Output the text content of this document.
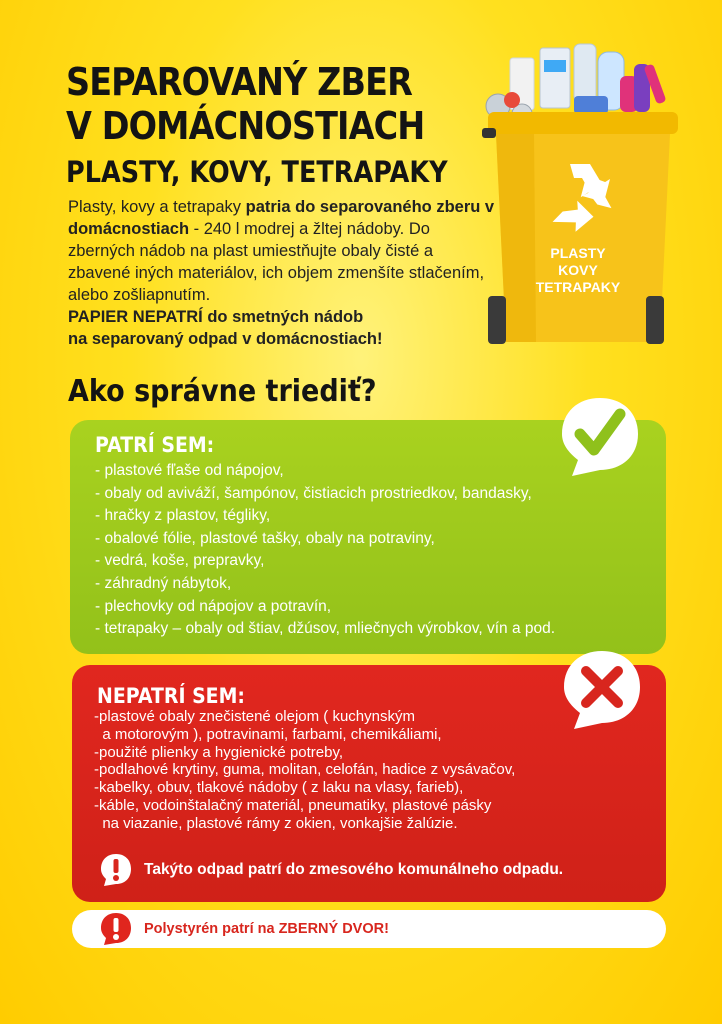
SEPAROVANÝ ZBER
V DOMÁCNOSTIACH
PLASTY, KOVY, TETRAPAKY

Plasty, kovy a tetrapaky patria do separovaného zberu v domácnostiach - 240 l modrej a žltej nádoby. Do zberných nádob na plast umiestňujte obaly čisté a zbavené iných materiálov, ich objem zmenšíte stlačením, alebo zošliapnutím.

PAPIER NEPATRÍ do smetných nádob
na separovaný odpad v domácnostiach!

PLASTY
KOVY
TETRAPAKY
Ako správne triediť?
PATRÍ SEM:
- plastové fľaše od nápojov,
- obaly od aviváží, šampónov, čistiacich prostriedkov, bandasky,
- hračky z plastov, tégliky,
- obalové fólie, plastové tašky, obaly na potraviny,
- vedrá, koše, prepravky,
- záhradný nábytok,
- plechovky od nápojov a potravín,
- tetrapaky – obaly od štiav, džúsov, mliečnych výrobkov, vín a pod.
NEPATRÍ SEM:
-plastové obaly znečistené olejom ( kuchynským
a motorovým ), potravinami, farbami, chemikáliami,
-použité plienky a hygienické potreby,
-podlahové krytiny, guma, molitan, celofán, hadice z vysávačov,
-kabelky, obuv, tlakové nádoby ( z laku na vlasy, farieb),
-káble, vodoinštalačný materiál, pneumatiky, plastové pásky
na viazanie, plastové rámy z okien, vonkajšie žalúzie.
Takýto odpad patrí do zmesového komunálneho odpadu.
Polystyrén patrí na ZBERNÝ DVOR!
